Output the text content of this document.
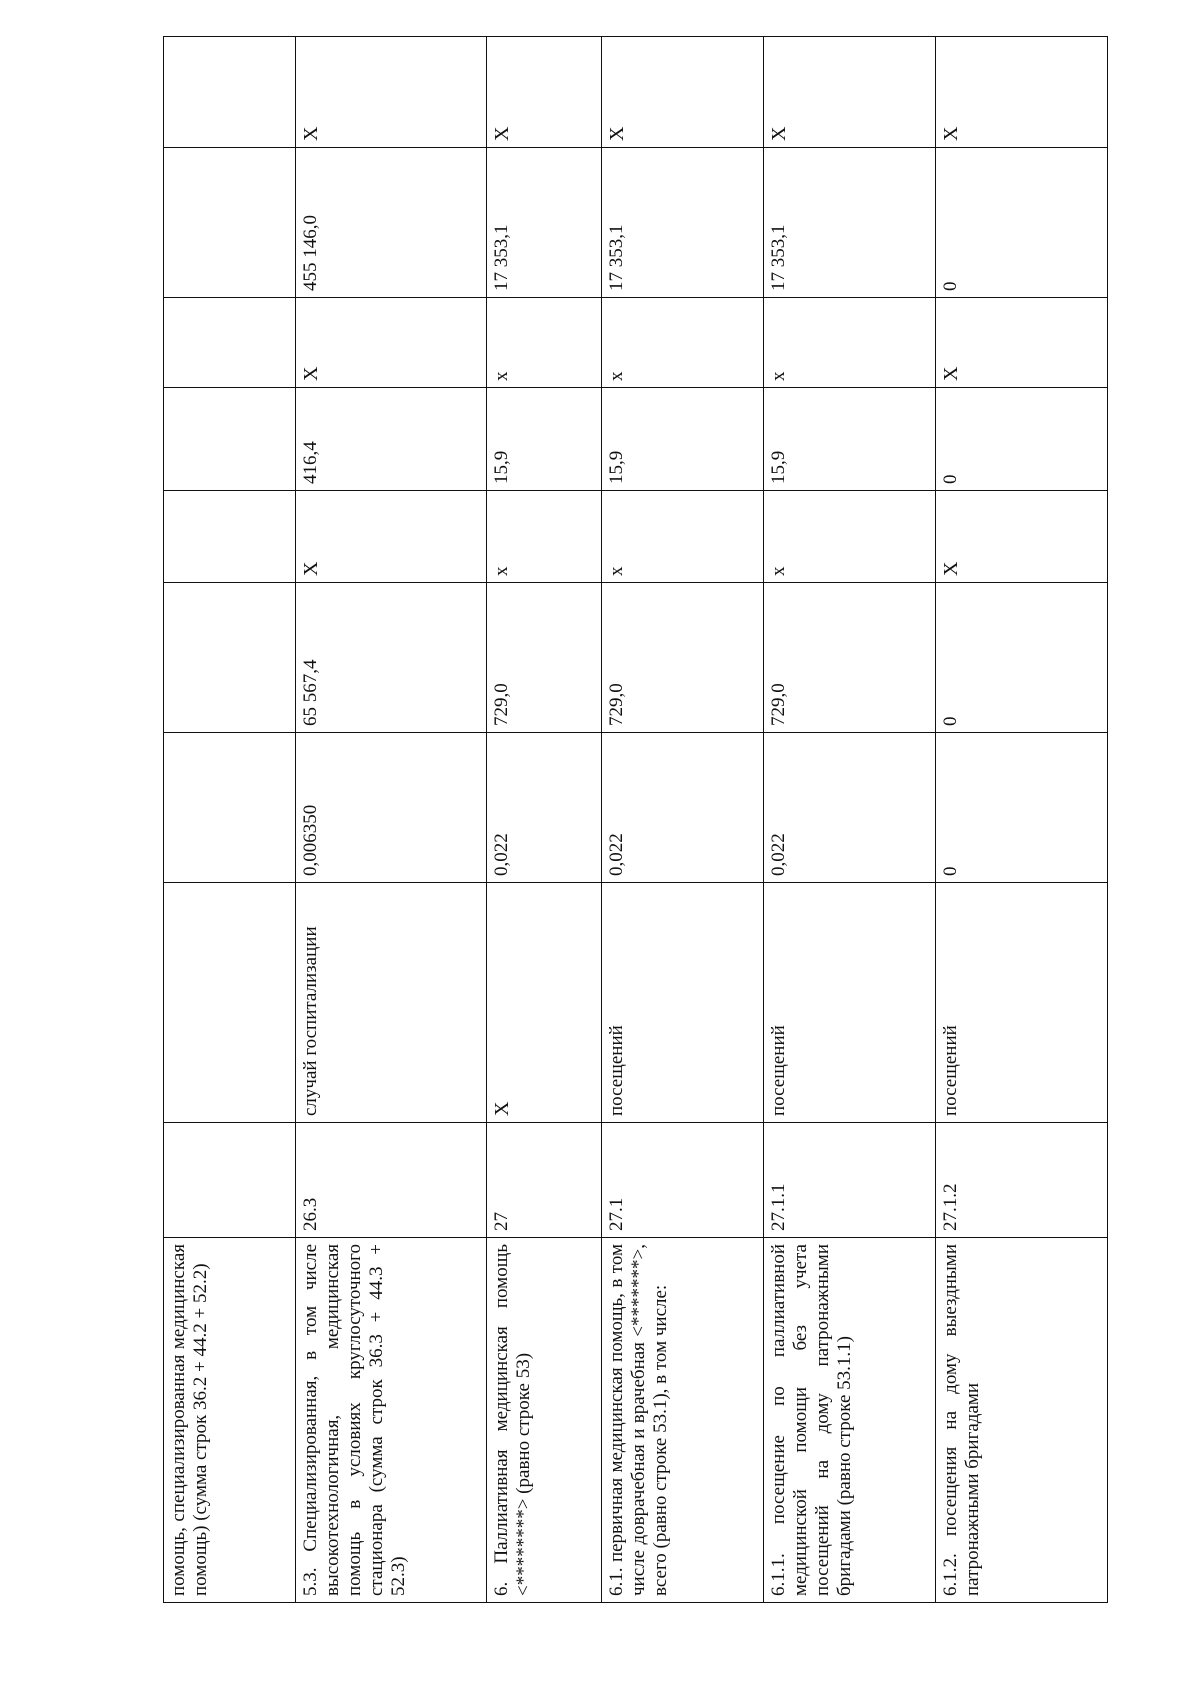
помощь, специализированная медицинская помощь) (сумма строк 36.2 + 44.2 + 52.2)									
5.3. Специализированная, в том числе высокотехнологичная, медицинская помощь в условиях круглосуточного стационара (сумма строк 36.3 + 44.3 + 52.3)	26.3	случай госпитализации	0,006350	65 567,4	X	416,4	X	455 146,0	X
6. Паллиативная медицинская помощь <********> (равно строке 53)	27	X	0,022	729,0	x	15,9	x	17 353,1	X
6.1. первичная медицинская помощь, в том числе доврачебная и врачебная <*******>, всего (равно строке 53.1), в том числе:	27.1	посещений	0,022	729,0	x	15,9	x	17 353,1	X
6.1.1. посещение по паллиативной медицинской помощи без учета посещений на дому патронажными бригадами (равно строке 53.1.1)	27.1.1	посещений	0,022	729,0	x	15,9	x	17 353,1	X
6.1.2. посещения на дому выездными патронажными бригадами	27.1.2	посещений	0	0	X	0	X	0	X
